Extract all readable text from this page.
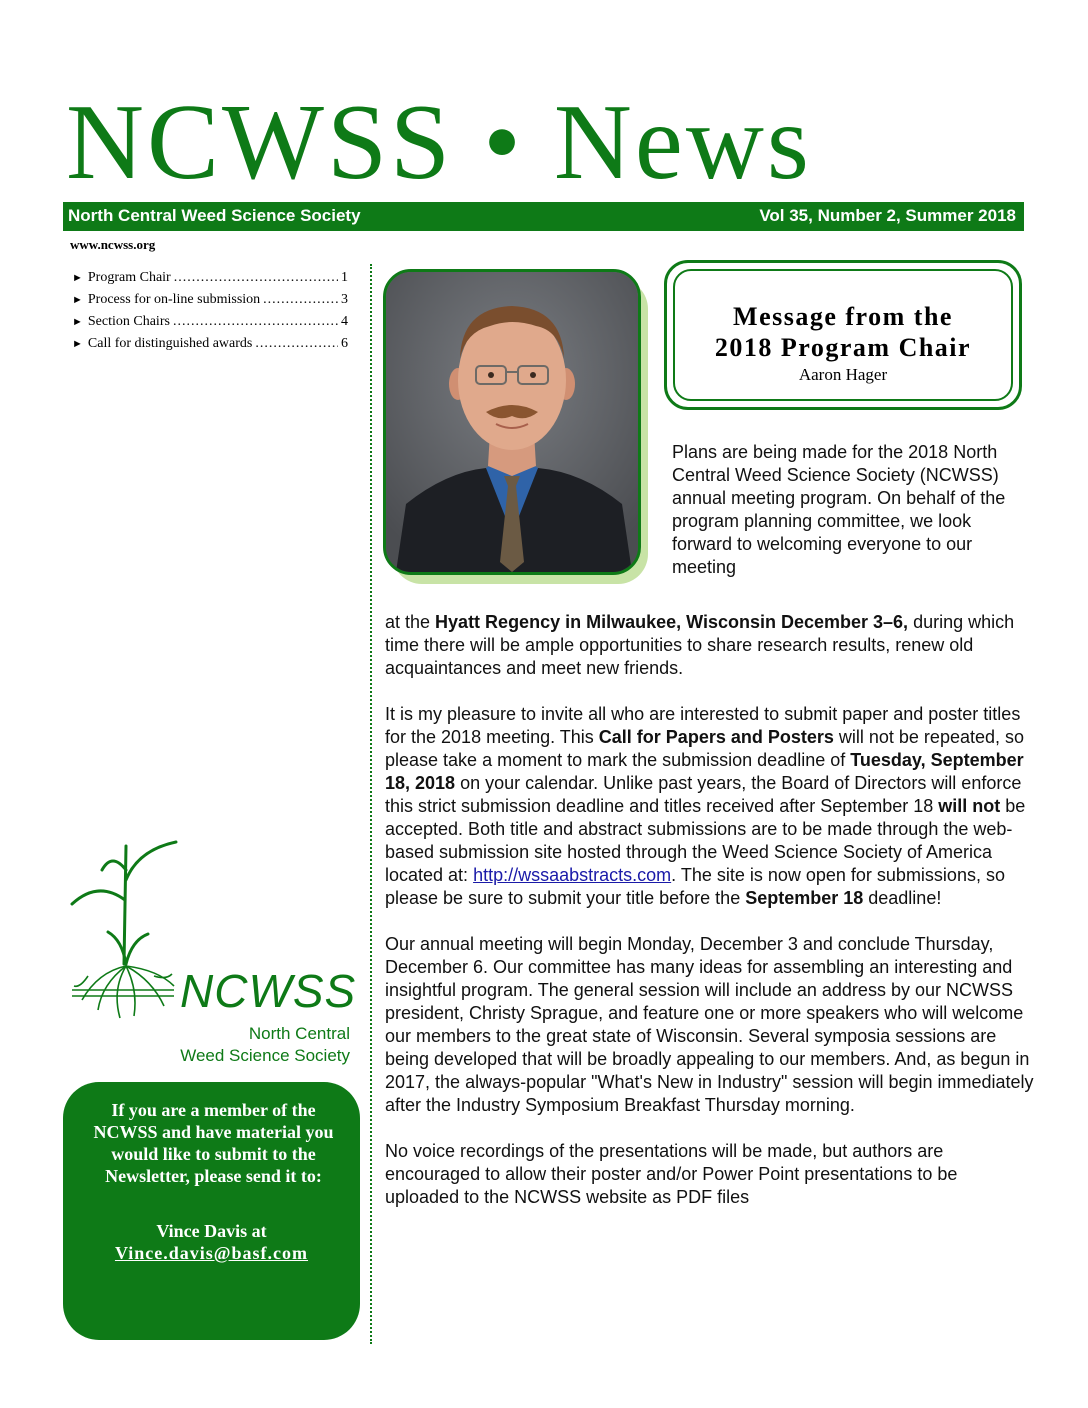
NCWSS • News
North Central Weed Science Society	Vol 35, Number 2, Summer 2018
www.ncwss.org
► Program Chair .....	1
► Process for on-line submission .....	3
► Section Chairs .....	4
► Call for distinguished awards .....	6
Message from the
2018 Program Chair
Aaron Hager
Plans are being made for the 2018 North Central Weed Science Society (NCWSS) annual meeting program. On behalf of the program planning committee, we look forward to welcoming everyone to our meeting

at the Hyatt Regency in Milwaukee, Wisconsin December 3–6, during which time there will be ample opportunities to share research results, renew old acquaintances and meet new friends.

It is my pleasure to invite all who are interested to submit paper and poster titles for the 2018 meeting. This Call for Papers and Posters will not be repeated, so please take a moment to mark the submission deadline of Tuesday, September 18, 2018 on your calendar. Unlike past years, the Board of Directors will enforce this strict submission deadline and titles received after September 18 will not be accepted. Both title and abstract submissions are to be made through the web-based submission site hosted through the Weed Science Society of America located at: http://wssaabstracts.com. The site is now open for submissions, so please be sure to submit your title before the September 18 deadline!

Our annual meeting will begin Monday, December 3 and conclude Thursday, December 6. Our committee has many ideas for assembling an interesting and insightful program. The general session will include an address by our NCWSS president, Christy Sprague, and feature one or more speakers who will welcome our members to the great state of Wisconsin. Several symposia sessions are being developed that will be broadly appealing to our members. And, as begun in 2017, the always-popular "What's New in Industry" session will begin immediately after the Industry Symposium Breakfast Thursday morning.

No voice recordings of the presentations will be made, but authors are encouraged to allow their poster and/or Power Point presentations to be uploaded to the NCWSS website as PDF files

NCWSS
North Central
Weed Science Society
If you are a member of the NCWSS and have material you would like to submit to the Newsletter, please send it to:
Vince Davis at
Vince.davis@basf.com
